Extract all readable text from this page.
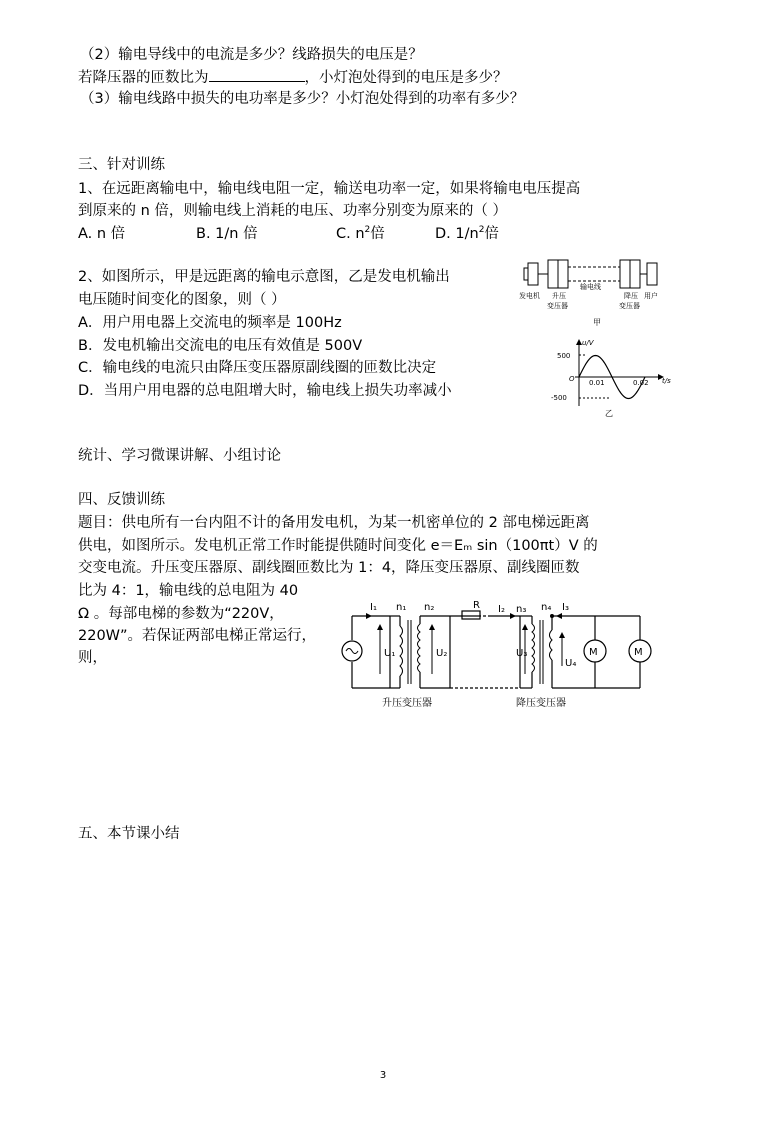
（2）输电导线中的电流是多少？线路损失的电压是？
若降压器的匝数比为	，小灯泡处得到的电压是多少？
（3）输电线路中损失的电功率是多少？小灯泡处得到的功率有多少？
三、针对训练
1、在远距离输电中，输电线电阻一定，输送电功率一定，如果将输电电压提高
到原来的 n 倍，则输电线上消耗的电压、功率分别变为原来的（ ）
A. n 倍	B. 1/n 倍	C. $n^2$倍	D. $1/n^2$倍
2、如图所示，甲是远距离的输电示意图，乙是发电机输出
电压随时间变化的图象，则（ ）
A．用户用电器上交流电的频率是 100Hz
B．发电机输出交流电的电压有效值是 500V
C．输电线的电流只由降压变压器原副线圈的匝数比决定
D．当用户用电器的总电阻增大时，输电线上损失功率减小
发电机 升压
变压器
输电线
降压
变压器
用户
甲
u/V
t/s
500
-500
O 0.01	0.02
乙
统计、学习微课讲解、小组讨论
四、反馈训练
题目：供电所有一台内阻不计的备用发电机，为某一机密单位的 2 部电梯远距离
供电，如图所示。发电机正常工作时能提供随时间变化 e＝Eₘ sin（100πt）V 的
交变电流。升压变压器原、副线圈匝数比为 1：4，降压变压器原、副线圈匝数
比为 4：1，输电线的总电阻为 40
Ω 。每部电梯的参数为“220V，
220W”。若保证两部电梯正常运行，
则，
I₁ n₁ n₂	R I₂ n₃ n₄ I₃
U₁	U₂	U₃
U₄
M	M
升压变压器	降压变压器
五、本节课小结
3
